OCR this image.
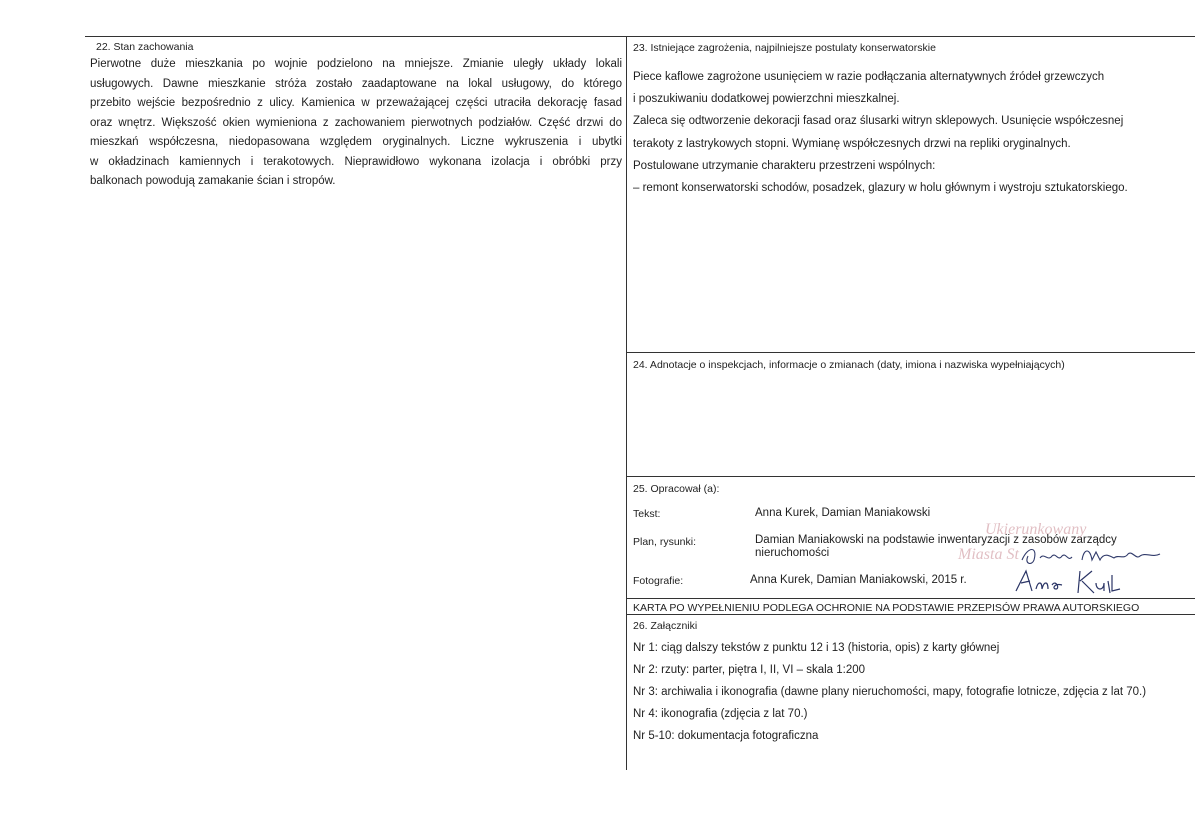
22. Stan zachowania
Pierwotne duże mieszkania po wojnie podzielono na mniejsze. Zmianie uległy układy lokali
usługowych. Dawne mieszkanie stróża zostało zaadaptowane na lokal usługowy, do którego
przebito wejście bezpośrednio z ulicy. Kamienica w przeważającej części utraciła dekorację fasad
oraz wnętrz. Większość okien wymieniona z zachowaniem pierwotnych podziałów. Część drzwi do
mieszkań współczesna, niedopasowana względem oryginalnych. Liczne wykruszenia i ubytki
w okładzinach kamiennych i terakotowych. Nieprawidłowo wykonana izolacja i obróbki przy
balkonach powodują zamakanie ścian i stropów.
23. Istniejące zagrożenia, najpilniejsze postulaty konserwatorskie
Piece kaflowe zagrożone usunięciem w razie podłączania alternatywnych źródeł grzewczych
i poszukiwaniu dodatkowej powierzchni mieszkalnej.
Zaleca się odtworzenie dekoracji fasad oraz ślusarki witryn sklepowych. Usunięcie współczesnej
terakoty z lastrykowych stopni. Wymianę współczesnych drzwi na repliki oryginalnych.
Postulowane utrzymanie charakteru przestrzeni wspólnych:
– remont konserwatorski schodów, posadzek, glazury w holu głównym i wystroju sztukatorskiego.
24. Adnotacje o inspekcjach, informacje o zmianach (daty, imiona i nazwiska wypełniających)
25. Opracował (a):
Tekst:	Anna Kurek, Damian Maniakowski
Plan, rysunki:	Damian Maniakowski na podstawie inwentaryzacji z zasobów zarządcy
nieruchomości
Fotografie:	Anna Kurek, Damian Maniakowski, 2015 r.
Ukierunkowany
Miasta St
KARTA PO WYPEŁNIENIU PODLEGA OCHRONIE NA PODSTAWIE PRZEPISÓW PRAWA AUTORSKIEGO
26. Załączniki
Nr 1: ciąg dalszy tekstów z punktu 12 i 13 (historia, opis) z karty głównej
Nr 2: rzuty: parter, piętra I, II, VI – skala 1:200
Nr 3: archiwalia i ikonografia (dawne plany nieruchomości, mapy, fotografie lotnicze, zdjęcia z lat 70.)
Nr 4: ikonografia (zdjęcia z lat 70.)
Nr 5-10: dokumentacja fotograficzna
